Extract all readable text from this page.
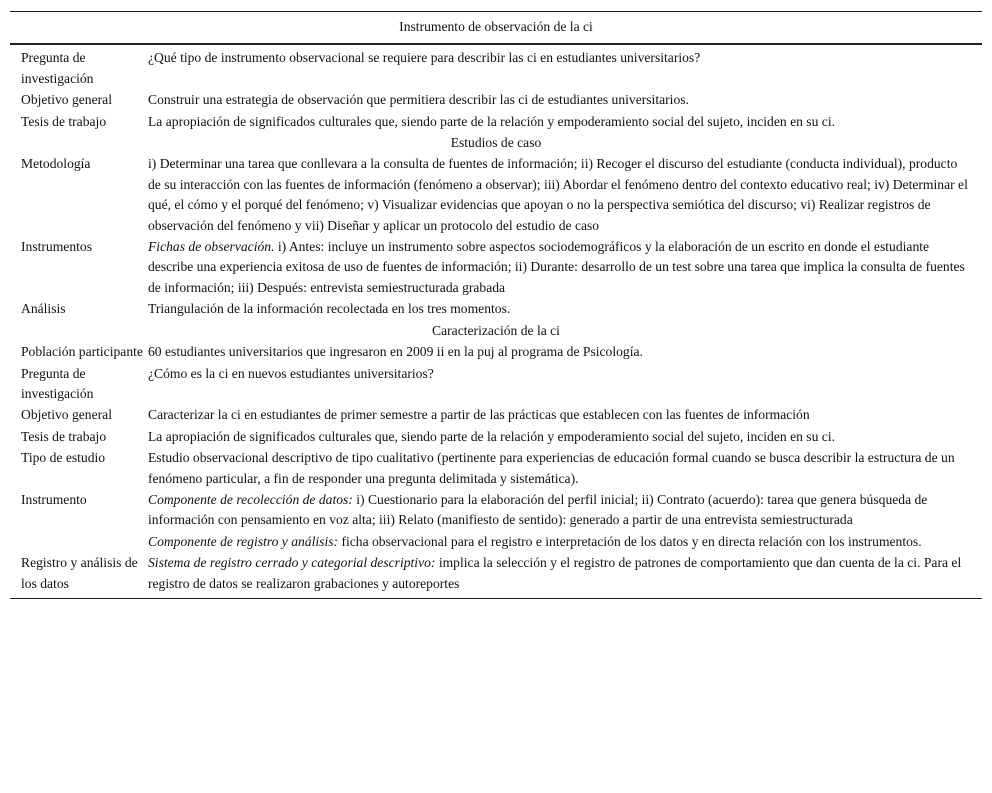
Instrumento de observación de la ci	
Pregunta de investigación	¿Qué tipo de instrumento observacional se requiere para describir las ci en estudiantes universitarios?
Objetivo general	Construir una estrategia de observación que permitiera describir las ci de estudiantes universitarios.
Tesis de trabajo	La apropiación de significados culturales que, siendo parte de la relación y empoderamiento social del sujeto, inciden en su ci.
Estudios de caso	
Metodología	i) Determinar una tarea que conllevara a la consulta de fuentes de información; ii) Recoger el discurso del estudiante (conducta individual), producto de su interacción con las fuentes de información (fenómeno a observar); iii) Abordar el fenómeno dentro del contexto educativo real; iv) Determinar el qué, el cómo y el porqué del fenómeno; v) Visualizar evidencias que apoyan o no la perspectiva semiótica del discurso; vi) Realizar registros de observación del fenómeno y vii) Diseñar y aplicar un protocolo del estudio de caso
Instrumentos	Fichas de observación. i) Antes: incluye un instrumento sobre aspectos sociodemográficos y la elaboración de un escrito en donde el estudiante describe una experiencia exitosa de uso de fuentes de información; ii) Durante: desarrollo de un test sobre una tarea que implica la consulta de fuentes de información; iii) Después: entrevista semiestructurada grabada
Análisis	Triangulación de la información recolectada en los tres momentos.
Caracterización de la ci	
Población participante	60 estudiantes universitarios que ingresaron en 2009 ii en la puj al programa de Psicología.
Pregunta de investigación	¿Cómo es la ci en nuevos estudiantes universitarios?
Objetivo general	Caracterizar la ci en estudiantes de primer semestre a partir de las prácticas que establecen con las fuentes de información
Tesis de trabajo	La apropiación de significados culturales que, siendo parte de la relación y empoderamiento social del sujeto, inciden en su ci.
Tipo de estudio	Estudio observacional descriptivo de tipo cualitativo (pertinente para experiencias de educación formal cuando se busca describir la estructura de un fenómeno particular, a fin de responder una pregunta delimitada y sistemática).
Instrumento	Componente de recolección de datos: i) Cuestionario para la elaboración del perfil inicial; ii) Contrato (acuerdo): tarea que genera búsqueda de información con pensamiento en voz alta; iii) Relato (manifiesto de sentido): generado a partir de una entrevista semiestructurada
	Componente de registro y análisis: ficha observacional para el registro e interpretación de los datos y en directa relación con los instrumentos.
Registro y análisis de los datos	Sistema de registro cerrado y categorial descriptivo: implica la selección y el registro de patrones de comportamiento que dan cuenta de la ci. Para el registro de datos se realizaron grabaciones y autoreportes
